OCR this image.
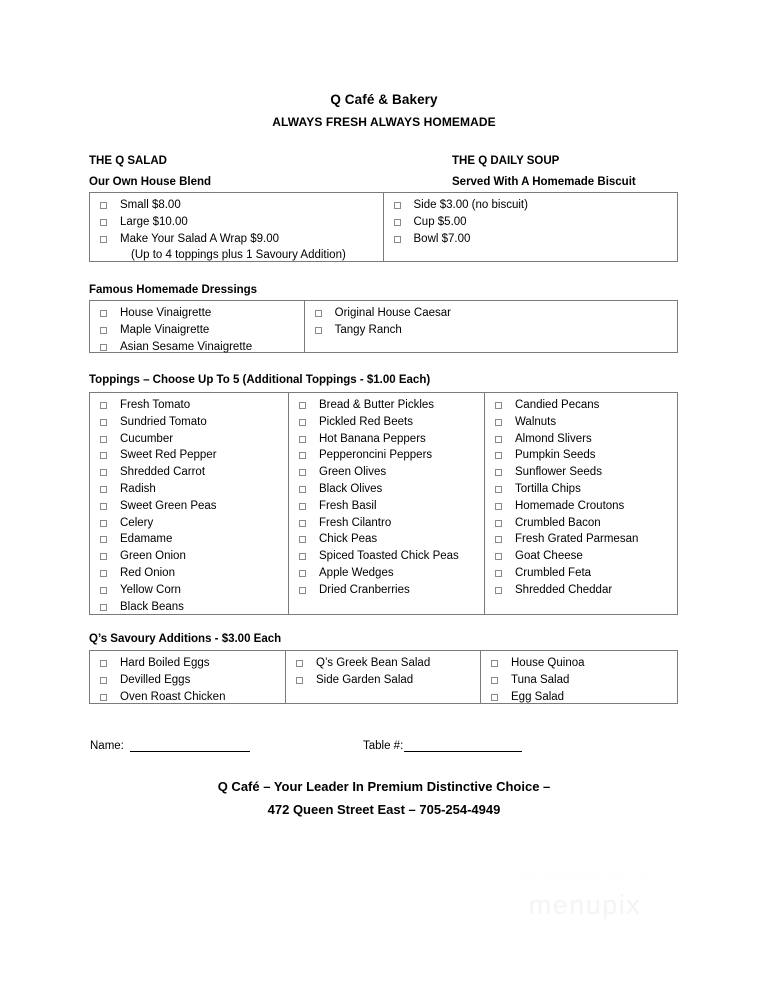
Q Café & Bakery
ALWAYS FRESH ALWAYS HOMEMADE
THE Q SALAD
Our Own House Blend
THE Q DAILY SOUP
Served With A Homemade Biscuit
Small $8.00
Large $10.00
Make Your Salad A Wrap $9.00
(Up to 4 toppings plus 1 Savoury Addition)
Side $3.00 (no biscuit)
Cup $5.00
Bowl $7.00
Famous Homemade Dressings
House Vinaigrette
Maple Vinaigrette
Asian Sesame Vinaigrette
Original House Caesar
Tangy Ranch
Toppings – Choose Up To 5 (Additional Toppings - $1.00 Each)
Fresh Tomato
Sundried Tomato
Cucumber
Sweet Red Pepper
Shredded Carrot
Radish
Sweet Green Peas
Celery
Edamame
Green Onion
Red Onion
Yellow Corn
Black Beans
Bread & Butter Pickles
Pickled Red Beets
Hot Banana Peppers
Pepperoncini Peppers
Green Olives
Black Olives
Fresh Basil
Fresh Cilantro
Chick Peas
Spiced Toasted Chick Peas
Apple Wedges
Dried Cranberries
Candied Pecans
Walnuts
Almond Slivers
Pumpkin Seeds
Sunflower Seeds
Tortilla Chips
Homemade Croutons
Crumbled Bacon
Fresh Grated Parmesan
Goat Cheese
Crumbled Feta
Shredded Cheddar
Q’s Savoury Additions - $3.00 Each
Hard Boiled Eggs
Devilled Eggs
Oven Roast Chicken
Q’s Greek Bean Salad
Side Garden Salad
House Quinoa
Tuna Salad
Egg Salad
Name:	Table #:
Q Café – Your Leader In Premium Distinctive Choice –
472 Queen Street East – 705-254-4949
find restaurants near you
menupix
